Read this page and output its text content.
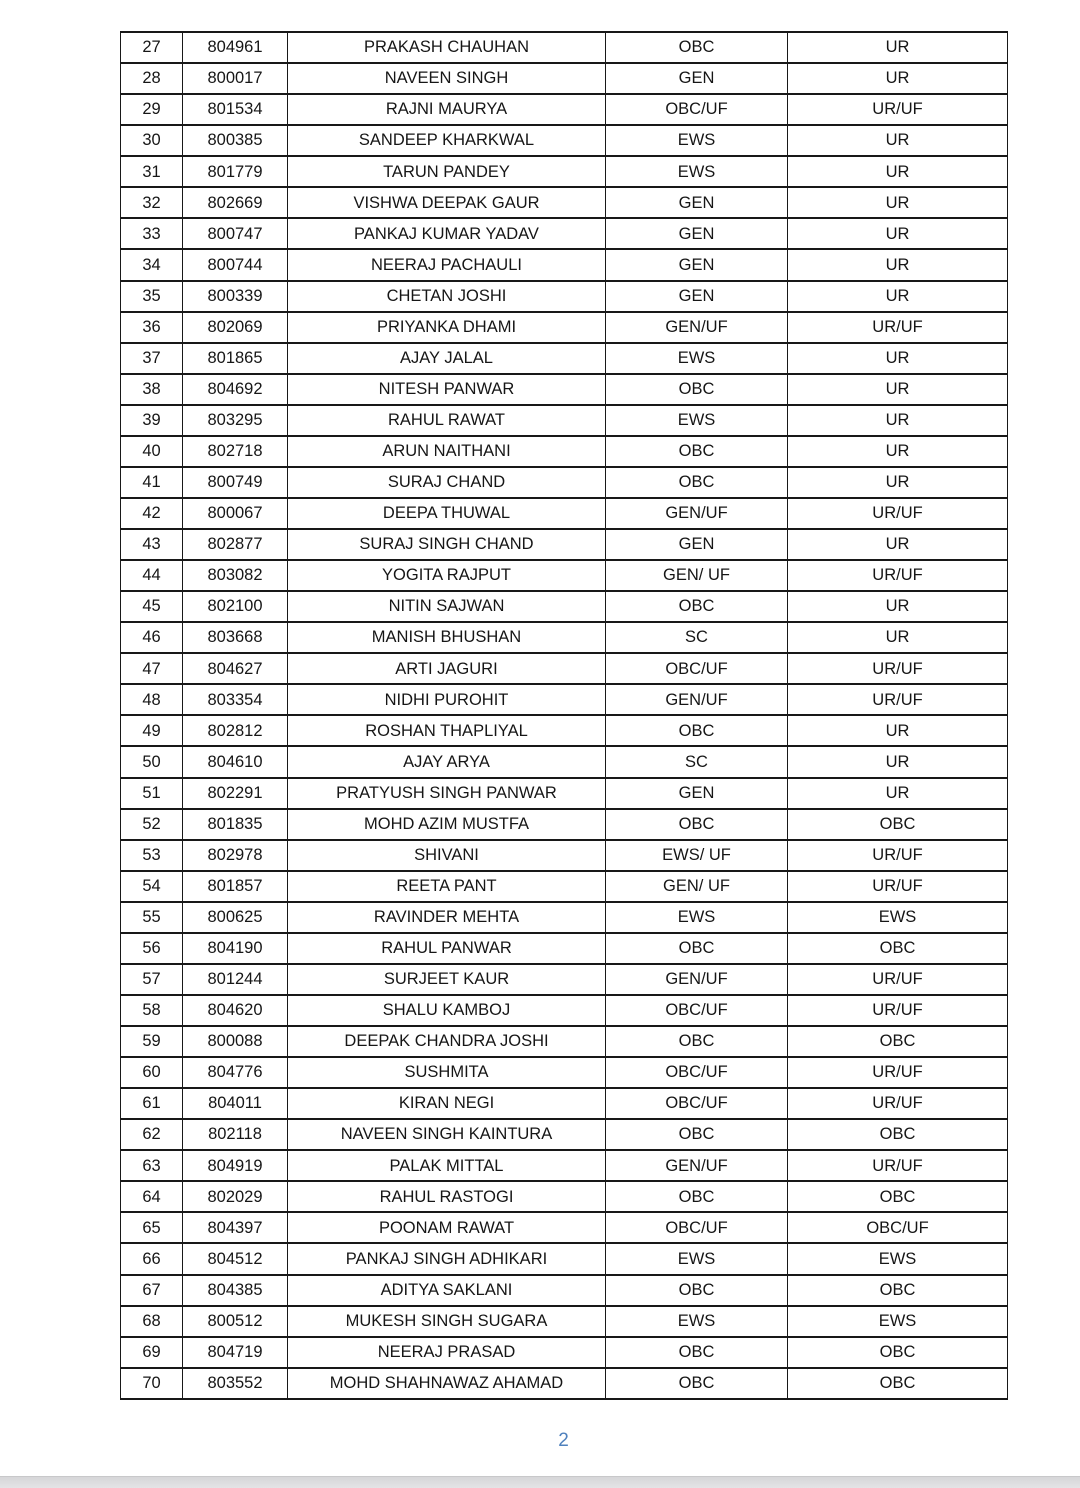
27	804961	PRAKASH CHAUHAN	OBC	UR
28	800017	NAVEEN SINGH	GEN	UR
29	801534	RAJNI MAURYA	OBC/UF	UR/UF
30	800385	SANDEEP KHARKWAL	EWS	UR
31	801779	TARUN PANDEY	EWS	UR
32	802669	VISHWA DEEPAK GAUR	GEN	UR
33	800747	PANKAJ KUMAR YADAV	GEN	UR
34	800744	NEERAJ PACHAULI	GEN	UR
35	800339	CHETAN JOSHI	GEN	UR
36	802069	PRIYANKA DHAMI	GEN/UF	UR/UF
37	801865	AJAY JALAL	EWS	UR
38	804692	NITESH PANWAR	OBC	UR
39	803295	RAHUL RAWAT	EWS	UR
40	802718	ARUN NAITHANI	OBC	UR
41	800749	SURAJ CHAND	OBC	UR
42	800067	DEEPA THUWAL	GEN/UF	UR/UF
43	802877	SURAJ SINGH CHAND	GEN	UR
44	803082	YOGITA RAJPUT	GEN/ UF	UR/UF
45	802100	NITIN SAJWAN	OBC	UR
46	803668	MANISH BHUSHAN	SC	UR
47	804627	ARTI JAGURI	OBC/UF	UR/UF
48	803354	NIDHI PUROHIT	GEN/UF	UR/UF
49	802812	ROSHAN THAPLIYAL	OBC	UR
50	804610	AJAY ARYA	SC	UR
51	802291	PRATYUSH SINGH PANWAR	GEN	UR
52	801835	MOHD AZIM MUSTFA	OBC	OBC
53	802978	SHIVANI	EWS/ UF	UR/UF
54	801857	REETA PANT	GEN/ UF	UR/UF
55	800625	RAVINDER MEHTA	EWS	EWS
56	804190	RAHUL PANWAR	OBC	OBC
57	801244	SURJEET KAUR	GEN/UF	UR/UF
58	804620	SHALU KAMBOJ	OBC/UF	UR/UF
59	800088	DEEPAK CHANDRA JOSHI	OBC	OBC
60	804776	SUSHMITA	OBC/UF	UR/UF
61	804011	KIRAN NEGI	OBC/UF	UR/UF
62	802118	NAVEEN SINGH KAINTURA	OBC	OBC
63	804919	PALAK MITTAL	GEN/UF	UR/UF
64	802029	RAHUL RASTOGI	OBC	OBC
65	804397	POONAM RAWAT	OBC/UF	OBC/UF
66	804512	PANKAJ SINGH ADHIKARI	EWS	EWS
67	804385	ADITYA SAKLANI	OBC	OBC
68	800512	MUKESH SINGH SUGARA	EWS	EWS
69	804719	NEERAJ PRASAD	OBC	OBC
70	803552	MOHD SHAHNAWAZ AHAMAD	OBC	OBC
2
